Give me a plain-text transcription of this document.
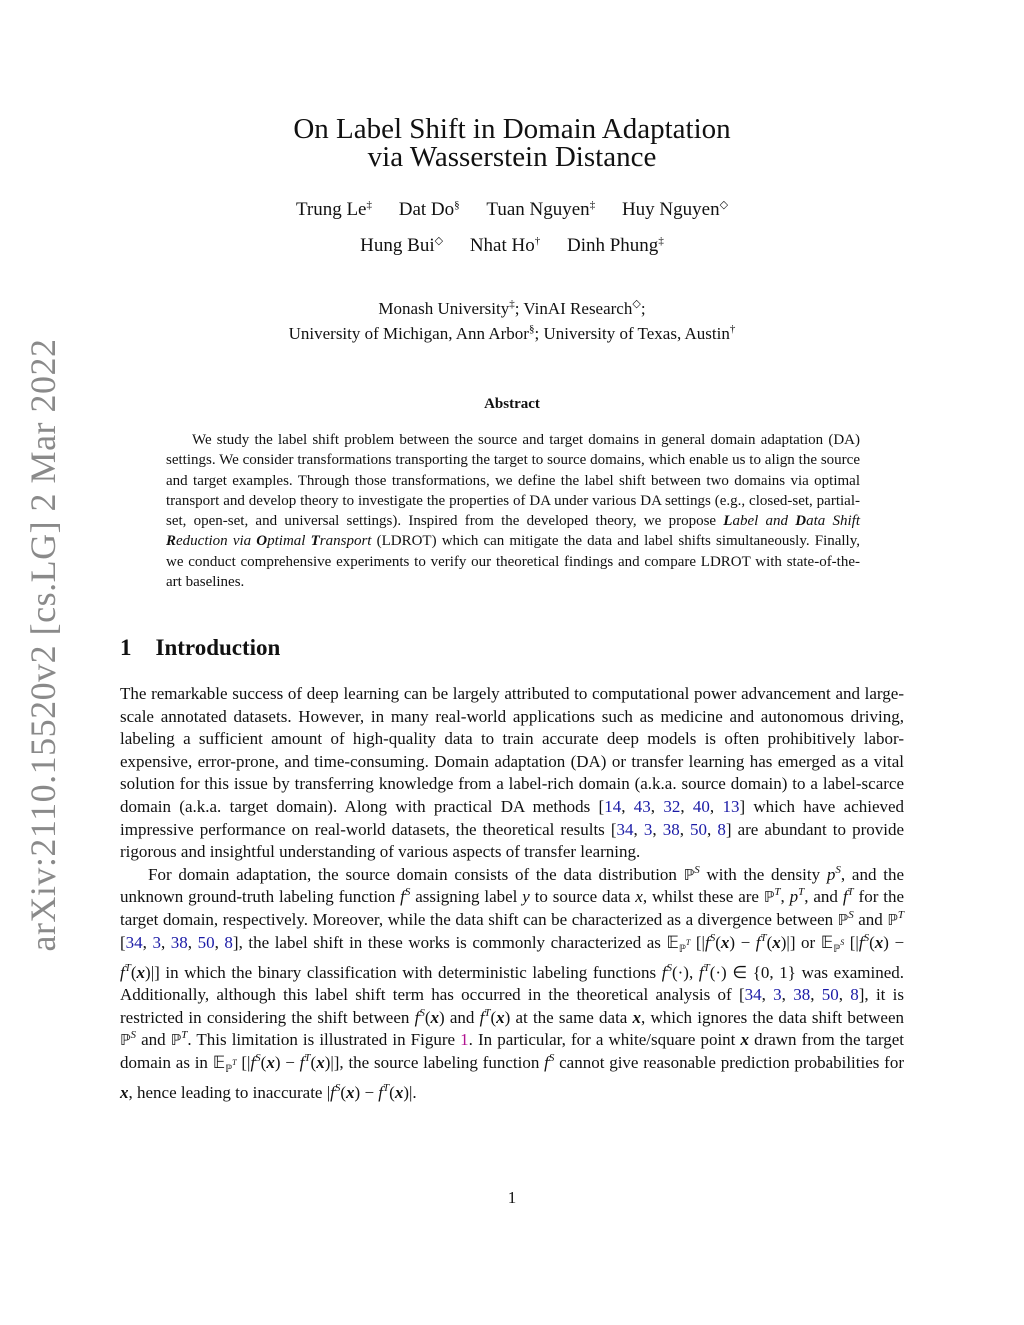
arXiv:2110.15520v2 [cs.LG] 2 Mar 2022
On Label Shift in Domain Adaptation
via Wasserstein Distance
Trung Le‡ Dat Do§ Tuan Nguyen‡ Huy Nguyen◇
Hung Bui◇ Nhat Ho† Dinh Phung‡
Monash University‡; VinAI Research◇;
University of Michigan, Ann Arbor§; University of Texas, Austin†
Abstract

We study the label shift problem between the source and target domains in general domain adaptation (DA) settings. We consider transformations transporting the target to source domains, which enable us to align the source and target examples. Through those transformations, we define the label shift between two domains via optimal transport and develop theory to investigate the properties of DA under various DA settings (e.g., closed-set, partial-set, open-set, and universal settings). Inspired from the developed theory, we propose Label and Data Shift Reduction via Optimal Transport (LDROT) which can mitigate the data and label shifts simultaneously. Finally, we conduct comprehensive experiments to verify our theoretical findings and compare LDROT with state-of-the-art baselines.

1 Introduction

The remarkable success of deep learning can be largely attributed to computational power advancement and large-scale annotated datasets. However, in many real-world applications such as medicine and autonomous driving, labeling a sufficient amount of high-quality data to train accurate deep models is often prohibitively labor-expensive, error-prone, and time-consuming. Domain adaptation (DA) or transfer learning has emerged as a vital solution for this issue by transferring knowledge from a label-rich domain (a.k.a. source domain) to a label-scarce domain (a.k.a. target domain). Along with practical DA methods [14, 43, 32, 40, 13] which have achieved impressive performance on real-world datasets, the theoretical results [34, 3, 38, 50, 8] are abundant to provide rigorous and insightful understanding of various aspects of transfer learning.

For domain adaptation, the source domain consists of the data distribution ℙ$^S$ with the density $p^S$, and the unknown ground-truth labeling function $f^S$ assigning label y to source data x, whilst these are ℙ$^T$, $p^T$, and $f^T$ for the target domain, respectively. Moreover, while the data shift can be characterized as a divergence between ℙ$^S$ and ℙ$^T$ [34, 3, 38, 50, 8], the label shift in these works is commonly characterized as 𝔼$_{ℙ^T}$ $[|f^S(x) - f^T(x)|]$ or 𝔼$_{ℙ^S}$ $[|f^S(x) - f^T(x)|]$ in which the binary classification with deterministic labeling functions $f^S(\cdot)$, $f^T(\cdot)$ ∈ {0, 1} was examined. Additionally, although this label shift term has occurred in the theoretical analysis of [34, 3, 38, 50, 8], it is restricted in considering the shift between $f^S(x)$ and $f^T(x)$ at the same data x, which ignores the data shift between ℙ$^S$ and ℙ$^T$. This limitation is illustrated in Figure 1. In particular, for a white/square point x drawn from the target domain as in 𝔼$_{ℙ^T}$ $[|f^S(x) - f^T(x)|]$, the source labeling function $f^S$ cannot give reasonable prediction probabilities for x, hence leading to inaccurate $|f^S(x) - f^T(x)|$.

1
